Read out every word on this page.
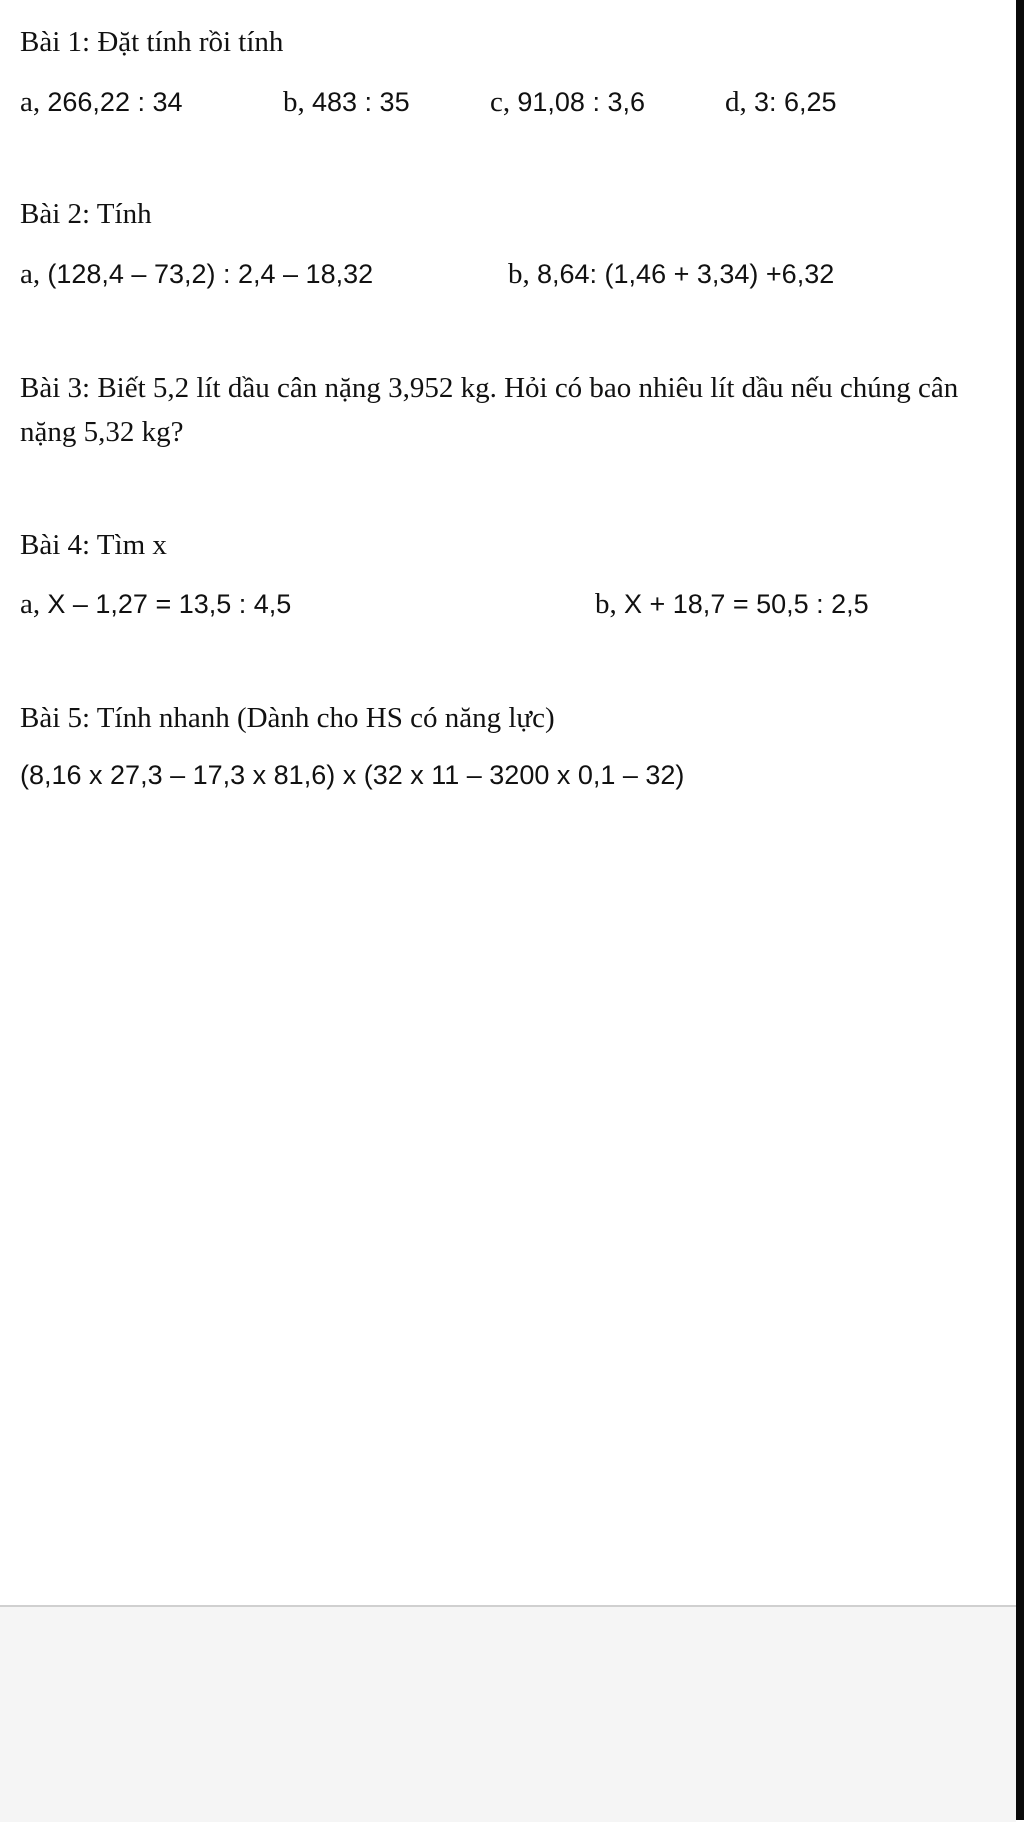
Bài 1: Đặt tính rồi tính
a, 266,22 : 34	b, 483 : 35	c, 91,08 : 3,6	d, 3: 6,25
Bài 2: Tính
a, (128,4 – 73,2) : 2,4 – 18,32	b, 8,64: (1,46 + 3,34) +6,32
Bài 3: Biết 5,2 lít dầu cân nặng 3,952 kg. Hỏi có bao nhiêu lít dầu nếu chúng cân nặng 5,32 kg?
Bài 4: Tìm x
a, X – 1,27 = 13,5 : 4,5	b, X + 18,7 = 50,5 : 2,5
Bài 5: Tính nhanh (Dành cho HS có năng lực)
(8,16 x 27,3 – 17,3 x 81,6) x (32 x 11 – 3200 x 0,1 – 32)
